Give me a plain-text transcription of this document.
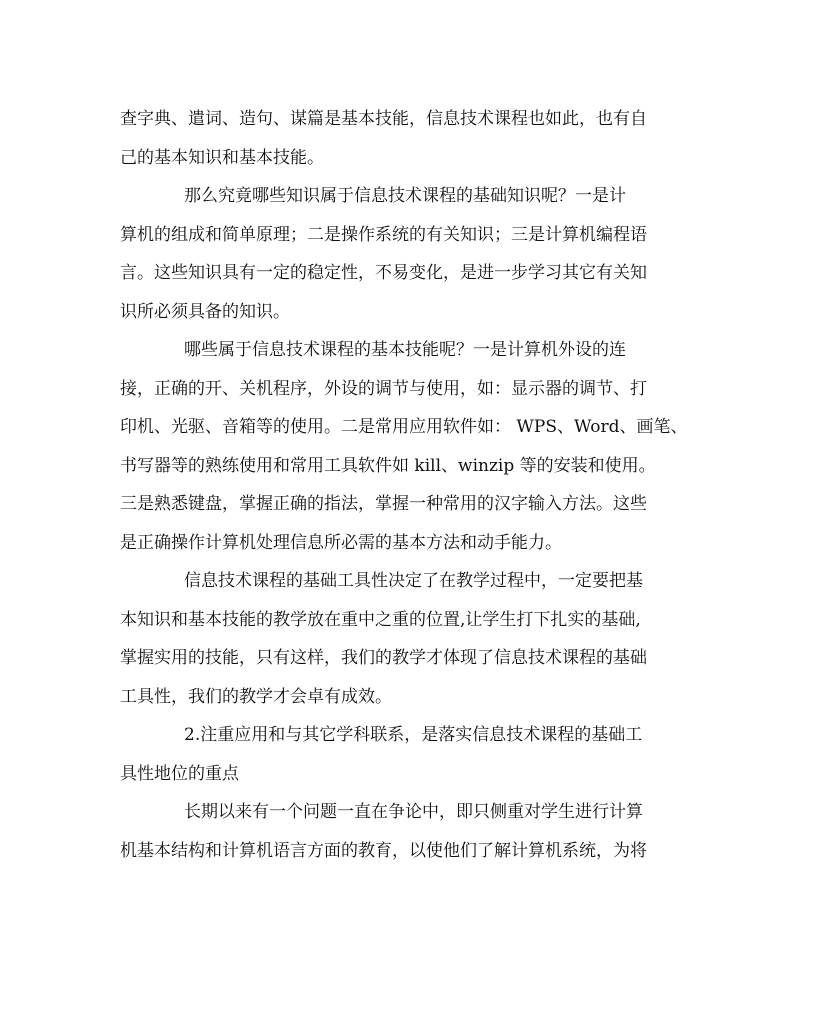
查字典、遣词、造句、谋篇是基本技能，信息技术课程也如此，也有自

己的基本知识和基本技能。

那么究竟哪些知识属于信息技术课程的基础知识呢？一是计

算机的组成和简单原理；二是操作系统的有关知识；三是计算机编程语

言。这些知识具有一定的稳定性，不易变化，是进一步学习其它有关知

识所必须具备的知识。

哪些属于信息技术课程的基本技能呢？一是计算机外设的连

接，正确的开、关机程序，外设的调节与使用，如：显示器的调节、打

印机、光驱、音箱等的使用。二是常用应用软件如： WPS、Word、画笔、

书写器等的熟练使用和常用工具软件如 kill、winzip 等的安装和使用。

三是熟悉键盘，掌握正确的指法，掌握一种常用的汉字输入方法。这些

是正确操作计算机处理信息所必需的基本方法和动手能力。

信息技术课程的基础工具性决定了在教学过程中，一定要把基

本知识和基本技能的教学放在重中之重的位置,让学生打下扎实的基础,

掌握实用的技能，只有这样，我们的教学才体现了信息技术课程的基础

工具性，我们的教学才会卓有成效。

2.注重应用和与其它学科联系，是落实信息技术课程的基础工

具性地位的重点

长期以来有一个问题一直在争论中，即只侧重对学生进行计算

机基本结构和计算机语言方面的教育，以使他们了解计算机系统，为将
